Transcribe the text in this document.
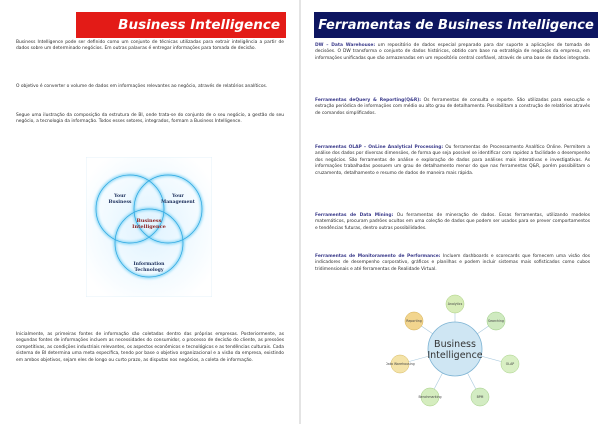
Business Intelligence

Business Intelligence pode ser definido como um conjunto de técnicas utilizadas para extrair inteligência a partir de dados sobre um determinado negócios. Em outras palavras é entregar informações para tomada de decisão.

O objetivo é converter o volume de dados em informações relevantes ao negócio, através de relatórios analíticos.

Segue uma ilustração da composição da estrutura de BI, onde trata-se do conjunto de o seu negócio, a gestão do seu negócio, a tecnologia da informação. Todos esses setores, integrados, formam a Business Intelligence.

Your
Business
Your
Management
Business
Intelligence
Information
Technology

Inicialmente, as primeiras fontes de informação são coletadas dentro das próprias empresas. Posteriormente, as segundas fontes de informações incluem as necessidades do consumidor, o processo de decisão do cliente, as pressões competitivas, as condições industriais relevantes, os aspectos econômicos e tecnológicos e as tendências culturais. Cada sistema de BI determina uma meta específica, tendo por base o objetivo organizacional e a visão da empresa, existindo em ambos objetivos, sejam eles de longo ou curto prazo, as disputas nos negócios, a coleta de informação.

Ferramentas de Business Intelligence

DW – Data Warehouse: um repositório de dados especial preparado para dar suporte a aplicações de tomada de decisões. O DW transforma o conjunto de dados históricos, obtido com base na estratégia de negócios da empresa, em informações unificadas que são armazenadas em um repositório central confiável, através de uma base de dados integrada.

Ferramentas deQuery & Reporting(Q&R): Os ferramentas de consulta e reporte. São utilizadas para execução e extração periódica de informações com médio ou alto grau de detalhamento. Possibilitam a construção de relatórios através de comandos simplificados.

Ferramentas OLAP – OnLine Analytical Processing: Ou ferramentas de Processamento Analítico Online. Permitem a análise dos dados por diversas dimensões, de forma que seja possível se identificar com rapidez a facilidade o desempenho dos negócios. São ferramentas de análise e exploração de dados para análises mais interativas e investigativas. As informações trabalhadas possuem um grau de detalhamento menor do que nas ferramentas Q&R, porém possibilitam o cruzamento, detalhamento e resumo de dados de maneira mais rápida.

Ferramentas de Data Mining: Ou ferramentas de mineração de dados. Essas ferramentas, utilizando modelos matemáticos, procuram padrões ocultos em uma coleção de dados que podem ser usados para se prever comportamentos e tendências futuras, dentro outras possibilidades.

Ferramentas de Monitoramento de Performance: Incluem dashboards e scorecards que fornecem uma visão dos indicadores de desempenho corporativo, gráficos e planilhas e podem incluir sistemas mais sofisticados como cubos tridimensionais e até ferramentas de Realidade Virtual.

Business
Intelligence
Analytics
Searching
OLAP
BPM
Benchmarking
Data Warehousing
Reporting
